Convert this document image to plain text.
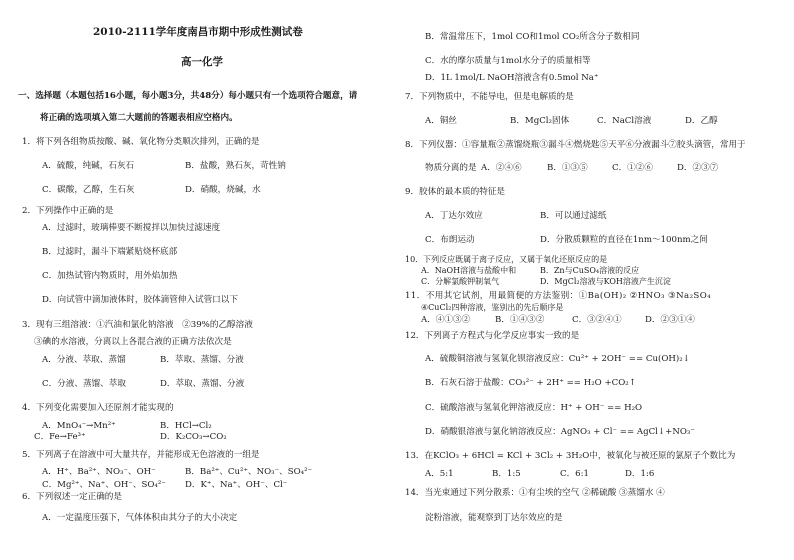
2010-2111学年度南昌市期中形成性测试卷
高一化学
一、选择题（本题包括16小题，每小题3分，共48分）每小题只有一个选项符合题意，请
将正确的选项填入第二大题前的答题表相应空格内。
1．将下列各组物质按酸、碱、氧化物分类顺次排列，正确的是
A．硫酸，纯碱，石灰石	B．盐酸，熟石灰，苛性钠
C．碳酸，乙醇，生石灰	D．硝酸，烧碱，水
2．下列操作中正确的是
A．过滤时，玻璃棒要不断搅拌以加快过滤速度
B．过滤时，漏斗下端紧贴烧杯底部
C．加热试管内物质时，用外焰加热
D．向试管中滴加液体时，胶体滴管伸入试管口以下
3．现有三组溶液：①汽油和氯化钠溶液　②39%的乙醇溶液
③碘的水溶液，分离以上各混合液的正确方法依次是
A．分液、萃取、蒸馏	B．萃取、蒸馏、分液
C．分液、蒸馏、萃取	D．萃取、蒸馏、分液
4．下列变化需要加入还原剂才能实现的
A．MnO₄⁻→Mn²⁺	B．HCl→Cl₂
C．Fe→Fe³⁺	D．K₂CO₃→CO₂
5．下列离子在溶液中可大量共存，并能形成无色溶液的一组是
A．H⁺、Ba²⁺、NO₃⁻、OH⁻	B．Ba²⁺、Cu²⁺、NO₃⁻、SO₄²⁻
C．Mg²⁺、Na⁺、OH⁻、SO₄²⁻ D．K⁺、Na⁺、OH⁻、Cl⁻
6．下列叙述一定正确的是
A．一定温度压强下，气体体积由其分子的大小决定
B．常温常压下，1mol CO和1mol CO₂所含分子数相同
C．水的摩尔质量与1mol水分子的质量相等
D．1L 1mol/L NaOH溶液含有0.5mol Na⁺
7．下列物质中，不能导电，但是电解质的是
A．铜丝	B．MgCl₂固体	C．NaCl溶液	D．乙醇
8．下列仪器：①容量瓶②蒸馏烧瓶③漏斗④燃烧匙⑤天平⑥分液漏斗⑦胶头滴管，常用于
物质分离的是 A．②④⑥	B．①③⑤	C．①②⑥	D．②③⑦
9．胶体的最本质的特征是
A．丁达尔效应	B．可以通过滤纸
C．布朗运动	D．分散质颗粒的直径在1nm～100nm之间
10．下列反应既属于离子反应，又属于氧化还原反应的是
A．NaOH溶液与盐酸中和	B．Zn与CuSO₄溶液的反应
C．分解氯酸钾制氧气	D．MgCl₂溶液与KOH溶液产生沉淀
11．不用其它试剂，用最简便的方法鉴别：①Ba(OH)₂ ②HNO₃ ③Na₂SO₄
④CuCl₂四种溶液，鉴别出的先后顺序是
A．④①③②	B．①④③②	C．③②④①	D．②③①④
12．下列离子方程式与化学反应事实一致的是
A．硫酸铜溶液与氢氧化钡溶液反应：Cu²⁺ + 2OH⁻ == Cu(OH)₂↓
B．石灰石溶于盐酸：CO₃²⁻ + 2H⁺ == H₂O +CO₂↑
C．硫酸溶液与氢氧化钾溶液反应：H⁺ + OH⁻ == H₂O
D．硝酸银溶液与氯化钠溶液反应：AgNO₃ + Cl⁻ == AgCl↓+NO₃⁻
13．在KClO₃ + 6HCl = KCl + 3Cl₂ + 3H₂O中，被氧化与被还原的氯原子个数比为
A．5:1	B．1:5	C．6:1	D．1:6
14．当光束通过下列分散系：①有尘埃的空气 ②稀硫酸 ③蒸馏水 ④
淀粉溶液，能观察到丁达尔效应的是
